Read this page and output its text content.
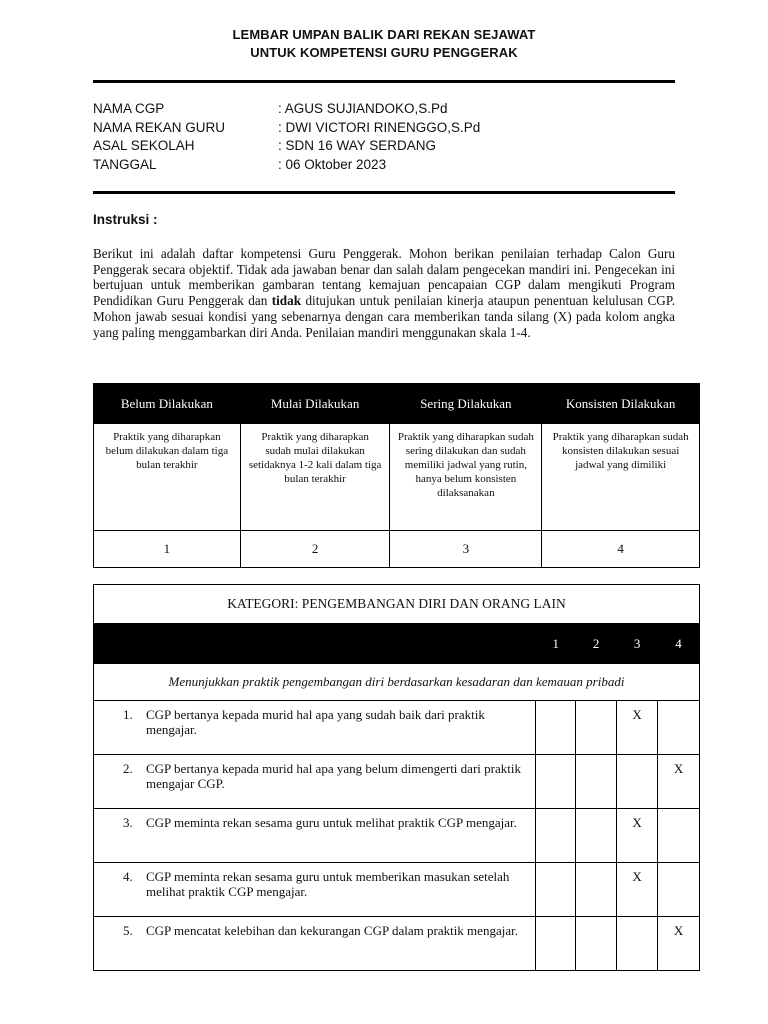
LEMBAR UMPAN BALIK DARI REKAN SEJAWAT
UNTUK KOMPETENSI GURU PENGGERAK
NAMA CGP	: AGUS SUJIANDOKO,S.Pd
NAMA REKAN GURU	: DWI VICTORI RINENGGO,S.Pd
ASAL SEKOLAH	: SDN 16 WAY SERDANG
TANGGAL	: 06 Oktober 2023
Instruksi :
Berikut ini adalah daftar kompetensi Guru Penggerak. Mohon berikan penilaian terhadap Calon Guru Penggerak secara objektif. Tidak ada jawaban benar dan salah dalam pengecekan mandiri ini. Pengecekan ini bertujuan untuk memberikan gambaran tentang kemajuan pencapaian CGP dalam mengikuti Program Pendidikan Guru Penggerak dan tidak ditujukan untuk penilaian kinerja ataupun penentuan kelulusan CGP. Mohon jawab sesuai kondisi yang sebenarnya dengan cara memberikan tanda silang (X) pada kolom angka yang paling menggambarkan diri Anda. Penilaian mandiri menggunakan skala 1-4.
Belum Dilakukan	Mulai Dilakukan	Sering Dilakukan	Konsisten Dilakukan
Praktik yang diharapkan belum dilakukan dalam tiga bulan terakhir	Praktik yang diharapkan sudah mulai dilakukan setidaknya 1-2 kali dalam tiga bulan terakhir	Praktik yang diharapkan sudah sering dilakukan dan sudah memiliki jadwal yang rutin, hanya belum konsisten dilaksanakan	Praktik yang diharapkan sudah konsisten dilakukan sesuai jadwal yang dimiliki
1	2	3	4
KATEGORI: PENGEMBANGAN DIRI DAN ORANG LAIN				
	1	2	3	4
Menunjukkan praktik pengembangan diri berdasarkan kesadaran dan kemauan pribadi				

1. CGP bertanya kepada murid hal apa yang sudah baik dari praktik mengajar.			X	

2. CGP bertanya kepada murid hal apa yang belum dimengerti dari praktik mengajar CGP.				X

3. CGP meminta rekan sesama guru untuk melihat praktik CGP mengajar.			X	

4. CGP meminta rekan sesama guru untuk memberikan masukan setelah melihat praktik CGP mengajar.			X	

5. CGP mencatat kelebihan dan kekurangan CGP dalam praktik mengajar.				X
